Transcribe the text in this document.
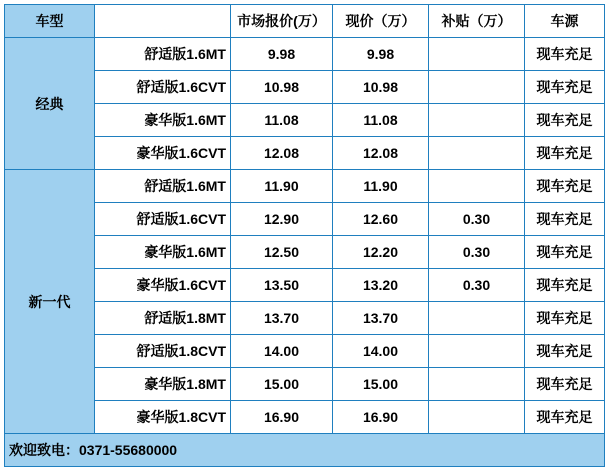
车型		市场报价(万）	现价（万）	补贴（万）	车源
经典	舒适版1.6MT	9.98	9.98		现车充足
	舒适版1.6CVT	10.98	10.98		现车充足
	豪华版1.6MT	11.08	11.08		现车充足
	豪华版1.6CVT	12.08	12.08		现车充足
新一代	舒适版1.6MT	11.90	11.90		现车充足
	舒适版1.6CVT	12.90	12.60	0.30	现车充足
	豪华版1.6MT	12.50	12.20	0.30	现车充足
	豪华版1.6CVT	13.50	13.20	0.30	现车充足
	舒适版1.8MT	13.70	13.70		现车充足
	舒适版1.8CVT	14.00	14.00		现车充足
	豪华版1.8MT	15.00	15.00		现车充足
	豪华版1.8CVT	16.90	16.90		现车充足
欢迎致电：0371-55680000					
